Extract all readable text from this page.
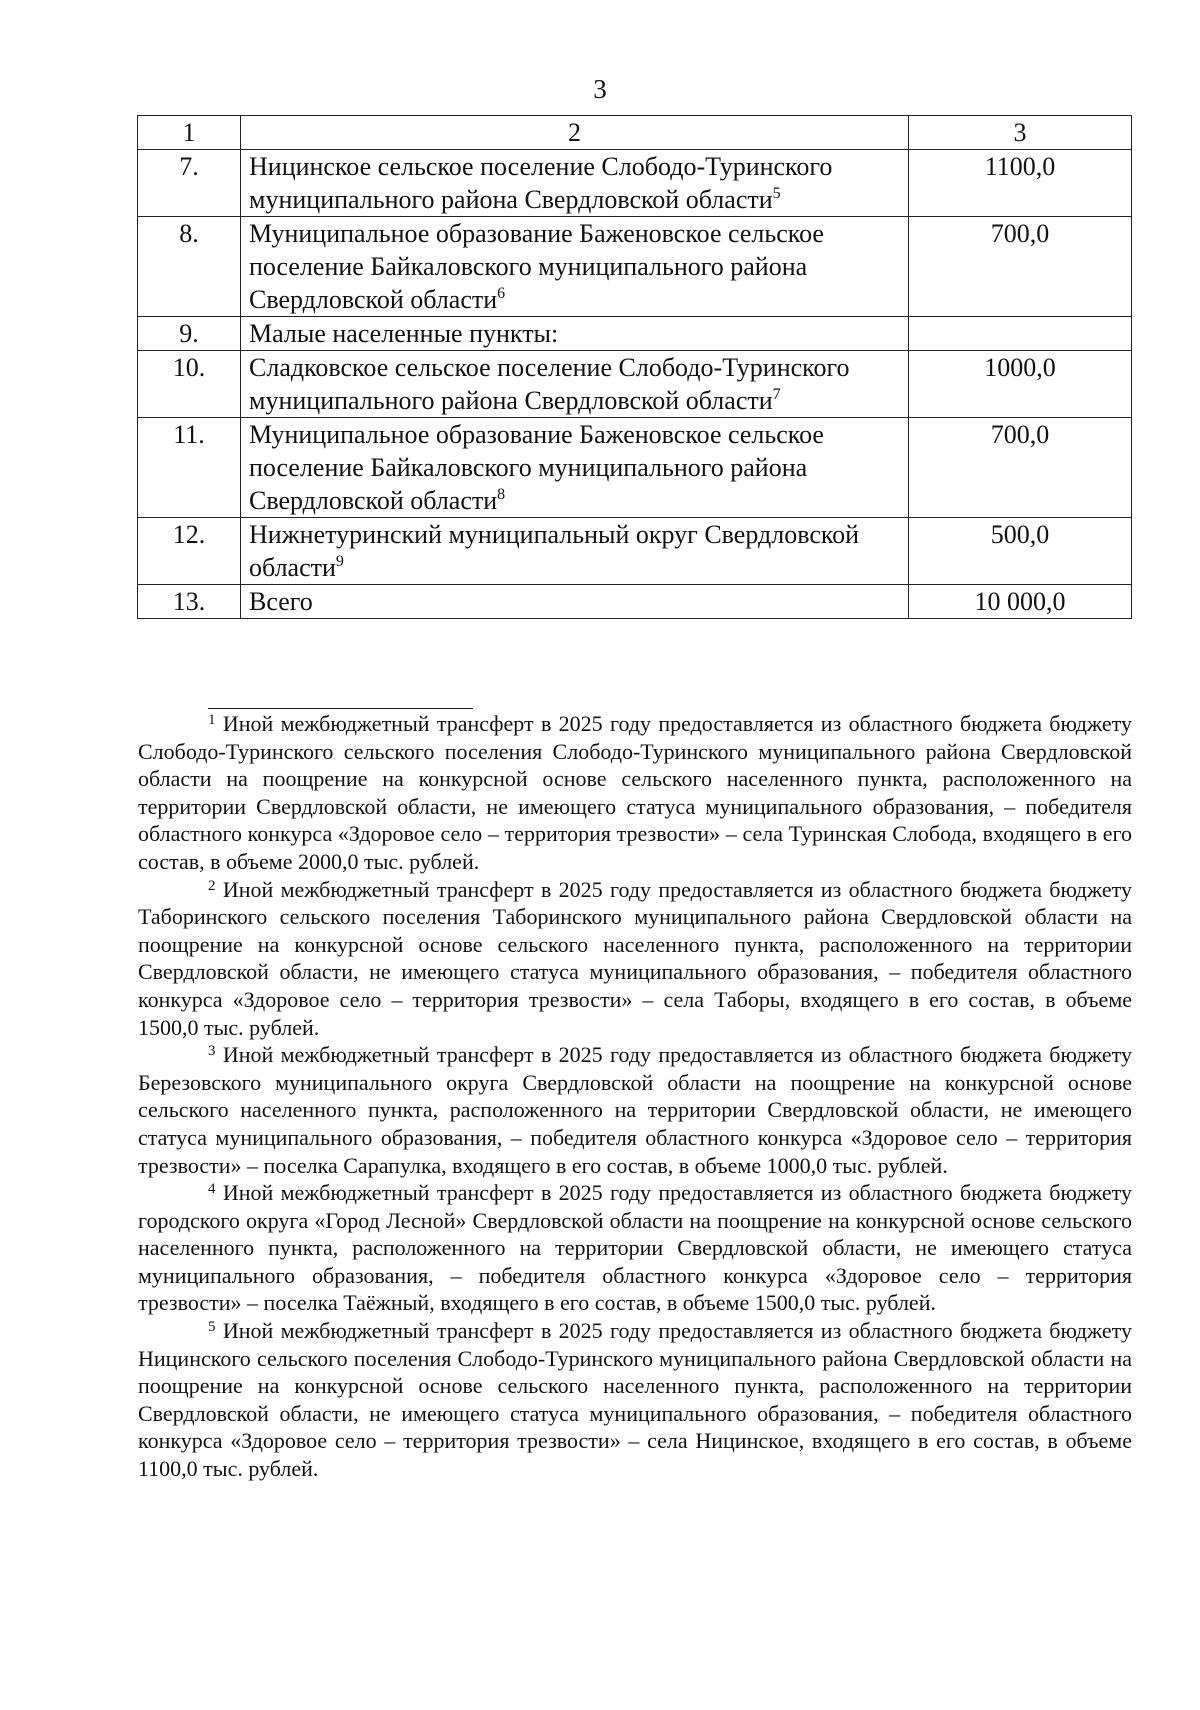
3
1	2	3
7.	Ницинское сельское поселение Слободо-Туринского муниципального района Свердловской области$^5$	1100,0
8.	Муниципальное образование Баженовское сельское поселение Байкаловского муниципального района Свердловской области$^6$	700,0
9.	Малые населенные пункты:	
10.	Сладковское сельское поселение Слободо-Туринского муниципального района Свердловской области$^7$	1000,0
11.	Муниципальное образование Баженовское сельское поселение Байкаловского муниципального района Свердловской области$^8$	700,0
12.	Нижнетуринский муниципальный округ Свердловской области$^9$	500,0
13.	Всего	10 000,0

$^1$ Иной межбюджетный трансферт в 2025 году предоставляется из областного бюджета бюджету Слободо-Туринского сельского поселения Слободо-Туринского муниципального района Свердловской области на поощрение на конкурсной основе сельского населенного пункта, расположенного на территории Свердловской области, не имеющего статуса муниципального образования, – победителя областного конкурса «Здоровое село – территория трезвости» – села Туринская Слобода, входящего в его состав, в объеме 2000,0 тыс. рублей.

$^2$ Иной межбюджетный трансферт в 2025 году предоставляется из областного бюджета бюджету Таборинского сельского поселения Таборинского муниципального района Свердловской области на поощрение на конкурсной основе сельского населенного пункта, расположенного на территории Свердловской области, не имеющего статуса муниципального образования, – победителя областного конкурса «Здоровое село – территория трезвости» – села Таборы, входящего в его состав, в объеме 1500,0 тыс. рублей.

$^3$ Иной межбюджетный трансферт в 2025 году предоставляется из областного бюджета бюджету Березовского муниципального округа Свердловской области на поощрение на конкурсной основе сельского населенного пункта, расположенного на территории Свердловской области, не имеющего статуса муниципального образования, – победителя областного конкурса «Здоровое село – территория трезвости» – поселка Сарапулка, входящего в его состав, в объеме 1000,0 тыс. рублей.

$^4$ Иной межбюджетный трансферт в 2025 году предоставляется из областного бюджета бюджету городского округа «Город Лесной» Свердловской области на поощрение на конкурсной основе сельского населенного пункта, расположенного на территории Свердловской области, не имеющего статуса муниципального образования, – победителя областного конкурса «Здоровое село – территория трезвости» – поселка Таёжный, входящего в его состав, в объеме 1500,0 тыс. рублей.

$^5$ Иной межбюджетный трансферт в 2025 году предоставляется из областного бюджета бюджету Ницинского сельского поселения Слободо-Туринского муниципального района Свердловской области на поощрение на конкурсной основе сельского населенного пункта, расположенного на территории Свердловской области, не имеющего статуса муниципального образования, – победителя областного конкурса «Здоровое село – территория трезвости» – села Ницинское, входящего в его состав, в объеме 1100,0 тыс. рублей.
